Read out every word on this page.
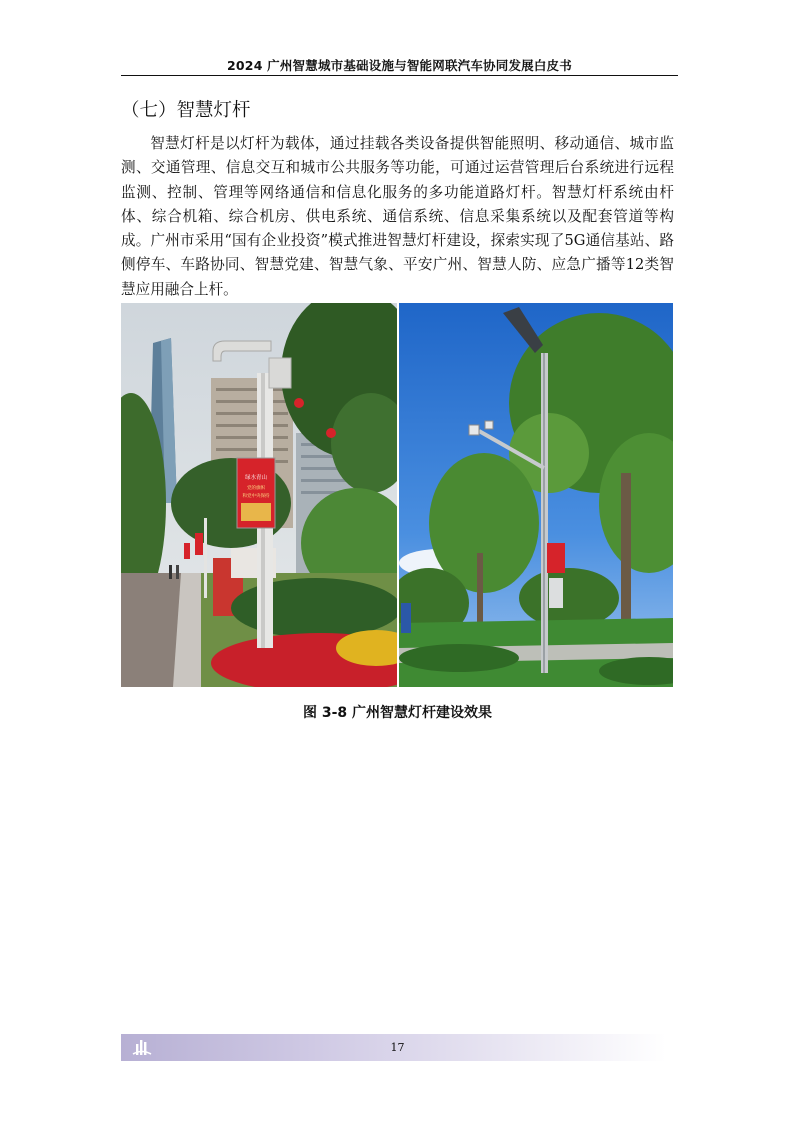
2024 广州智慧城市基础设施与智能网联汽车协同发展白皮书
（七）智慧灯杆

智慧灯杆是以灯杆为载体，通过挂载各类设备提供智能照明、移动通信、城市监测、交通管理、信息交互和城市公共服务等功能，可通过运营管理后台系统进行远程监测、控制、管理等网络通信和信息化服务的多功能道路灯杆。智慧灯杆系统由杆体、综合机箱、综合机房、供电系统、通信系统、信息采集系统以及配套管道等构成。广州市采用“国有企业投资”模式推进智慧灯杆建设，探索实现了5G通信基站、路侧停车、车路协同、智慧党建、智慧气象、平安广州、智慧人防、应急广播等12类智慧应用融合上杆。

绿水青山
党的旗帜
和党中央保持
图 3-8 广州智慧灯杆建设效果
17
